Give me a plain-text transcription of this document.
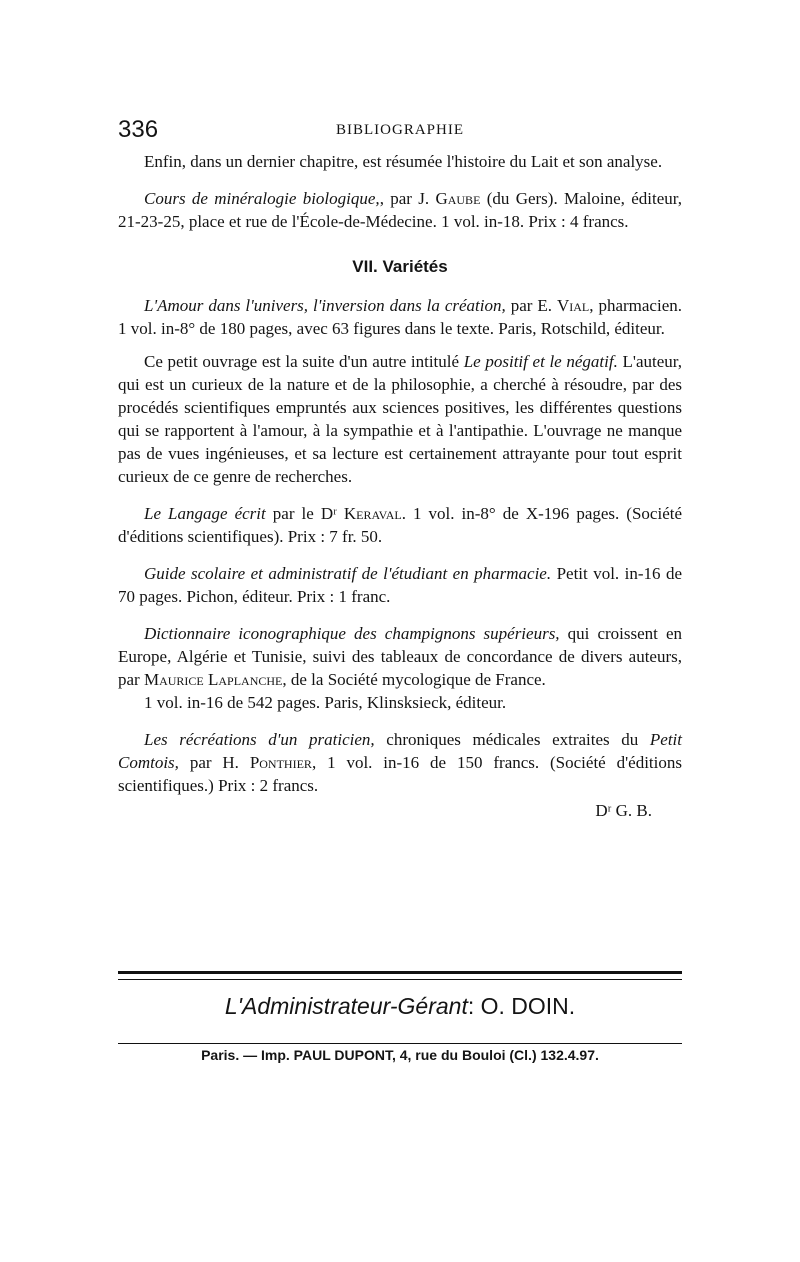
336	BIBLIOGRAPHIE

Enfin, dans un dernier chapitre, est résumée l'histoire du Lait et son analyse.

Cours de minéralogie biologique,, par J. Gaube (du Gers). Maloine, éditeur, 21-23-25, place et rue de l'École-de-Médecine. 1 vol. in-18. Prix : 4 francs.

VII. Variétés

L'Amour dans l'univers, l'inversion dans la création, par E. Vial, pharmacien. 1 vol. in-8° de 180 pages, avec 63 figures dans le texte. Paris, Rotschild, éditeur.

Ce petit ouvrage est la suite d'un autre intitulé Le positif et le négatif. L'auteur, qui est un curieux de la nature et de la philosophie, a cherché à résoudre, par des procédés scientifiques empruntés aux sciences positives, les différentes questions qui se rapportent à l'amour, à la sympathie et à l'antipathie. L'ouvrage ne manque pas de vues ingénieuses, et sa lecture est certainement attrayante pour tout esprit curieux de ce genre de recherches.

Le Langage écrit par le Dʳ Keraval. 1 vol. in-8° de X-196 pages. (Société d'éditions scientifiques). Prix : 7 fr. 50.

Guide scolaire et administratif de l'étudiant en pharmacie. Petit vol. in-16 de 70 pages. Pichon, éditeur. Prix : 1 franc.

Dictionnaire iconographique des champignons supérieurs, qui croissent en Europe, Algérie et Tunisie, suivi des tableaux de concordance de divers auteurs, par Maurice Laplanche, de la Société mycologique de France.

1 vol. in-16 de 542 pages. Paris, Klinsksieck, éditeur.

Les récréations d'un praticien, chroniques médicales extraites du Petit Comtois, par H. Ponthier, 1 vol. in-16 de 150 francs. (Société d'éditions scientifiques.) Prix : 2 francs.

Dʳ G. B.

L'Administrateur-Gérant: O. DOIN.
Paris. — Imp. PAUL DUPONT, 4, rue du Bouloi (Cl.) 132.4.97.
